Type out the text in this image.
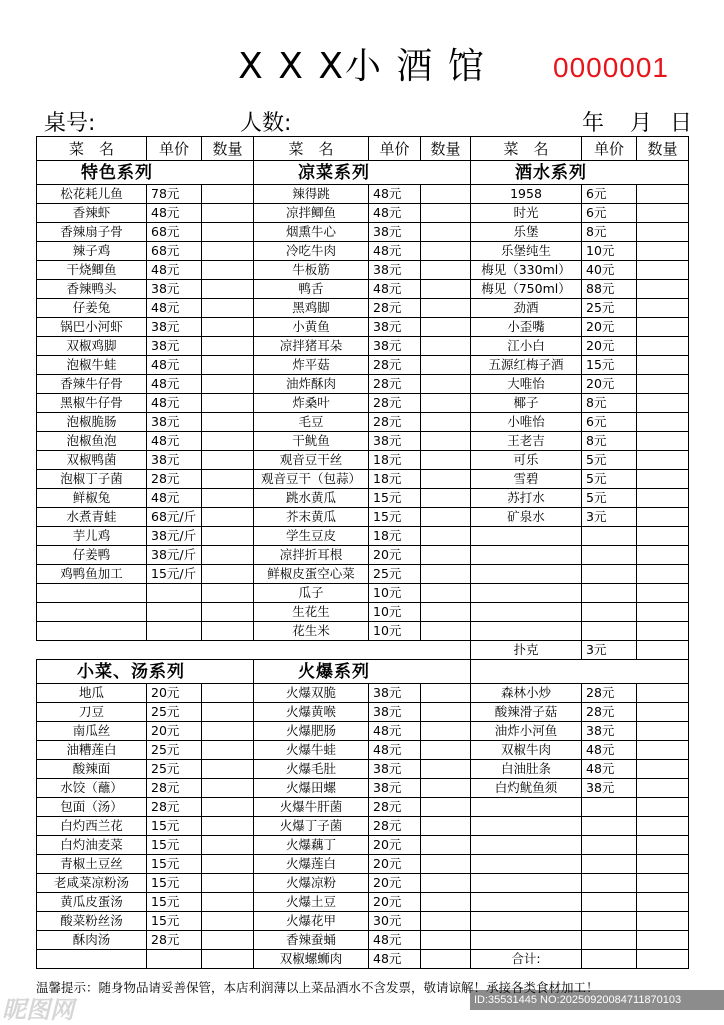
X X X小 酒 馆	0000001
桌号:	人数:	年 月 日
菜　名	单价	数量	菜　名	单价	数量	菜　名	单价	数量
特色系列			凉菜系列			酒水系列		
松花耗儿鱼	78元		辣得跳	48元		1958	6元	
香辣虾	48元		凉拌鲫鱼	48元		时光	6元	
香辣扇子骨	68元		烟熏牛心	38元		乐堡	8元	
辣子鸡	68元		冷吃牛肉	48元		乐堡纯生	10元	
干烧鲫鱼	48元		牛板筋	38元		梅见（330ml）	40元	
香辣鸭头	38元		鸭舌	48元		梅见（750ml）	88元	
仔姜兔	48元		黑鸡脚	28元		劲酒	25元	
锅巴小河虾	38元		小黄鱼	38元		小歪嘴	20元	
双椒鸡脚	38元		凉拌猪耳朵	38元		江小白	20元	
泡椒牛蛙	48元		炸平菇	28元		五源红梅子酒	15元	
香辣牛仔骨	48元		油炸酥肉	28元		大唯怡	20元	
黑椒牛仔骨	48元		炸桑叶	28元		椰子	8元	
泡椒脆肠	38元		毛豆	28元		小唯怡	6元	
泡椒鱼泡	48元		干鱿鱼	38元		王老吉	8元	
双椒鸭菌	38元		观音豆干丝	18元		可乐	5元	
泡椒丁子菌	28元		观音豆干（包蒜）	18元		雪碧	5元	
鲜椒兔	48元		跳水黄瓜	15元		苏打水	5元	
水煮青蛙	68元/斤		芥末黄瓜	15元		矿泉水	3元	
芋儿鸡	38元/斤		学生豆皮	18元				
仔姜鸭	38元/斤		凉拌折耳根	20元				
鸡鸭鱼加工	15元/斤		鲜椒皮蛋空心菜	25元				
			瓜子	10元				
			生花生	10元				
			花生米	10元				
						扑克	3元	
小菜、汤系列			火爆系列					
地瓜	20元		火爆双脆	38元		森林小炒	28元	
刀豆	25元		火爆黄喉	38元		酸辣滑子菇	28元	
南瓜丝	20元		火爆肥肠	48元		油炸小河鱼	38元	
油糟莲白	25元		火爆牛蛙	48元		双椒牛肉	48元	
酸辣面	25元		火爆毛肚	38元		白油肚条	48元	
水饺（蘸）	28元		火爆田螺	38元		白灼鱿鱼须	38元	
包面（汤）	28元		火爆牛肝菌	28元				
白灼西兰花	15元		火爆丁子菌	28元				
白灼油麦菜	15元		火爆藕丁	20元				
青椒土豆丝	15元		火爆莲白	20元				
老咸菜凉粉汤	15元		火爆凉粉	20元				
黄瓜皮蛋汤	15元		火爆土豆	20元				
酸菜粉丝汤	15元		火爆花甲	30元				
酥肉汤	28元		香辣蚕蛹	48元				
			双椒螺蛳肉	48元		合计:		
温馨提示：随身物品请妥善保管，本店利润薄以上菜品酒水不含发票，敬请谅解！承接各类食材加工！
昵图网	ID:35531445 NO:20250920084711870103
